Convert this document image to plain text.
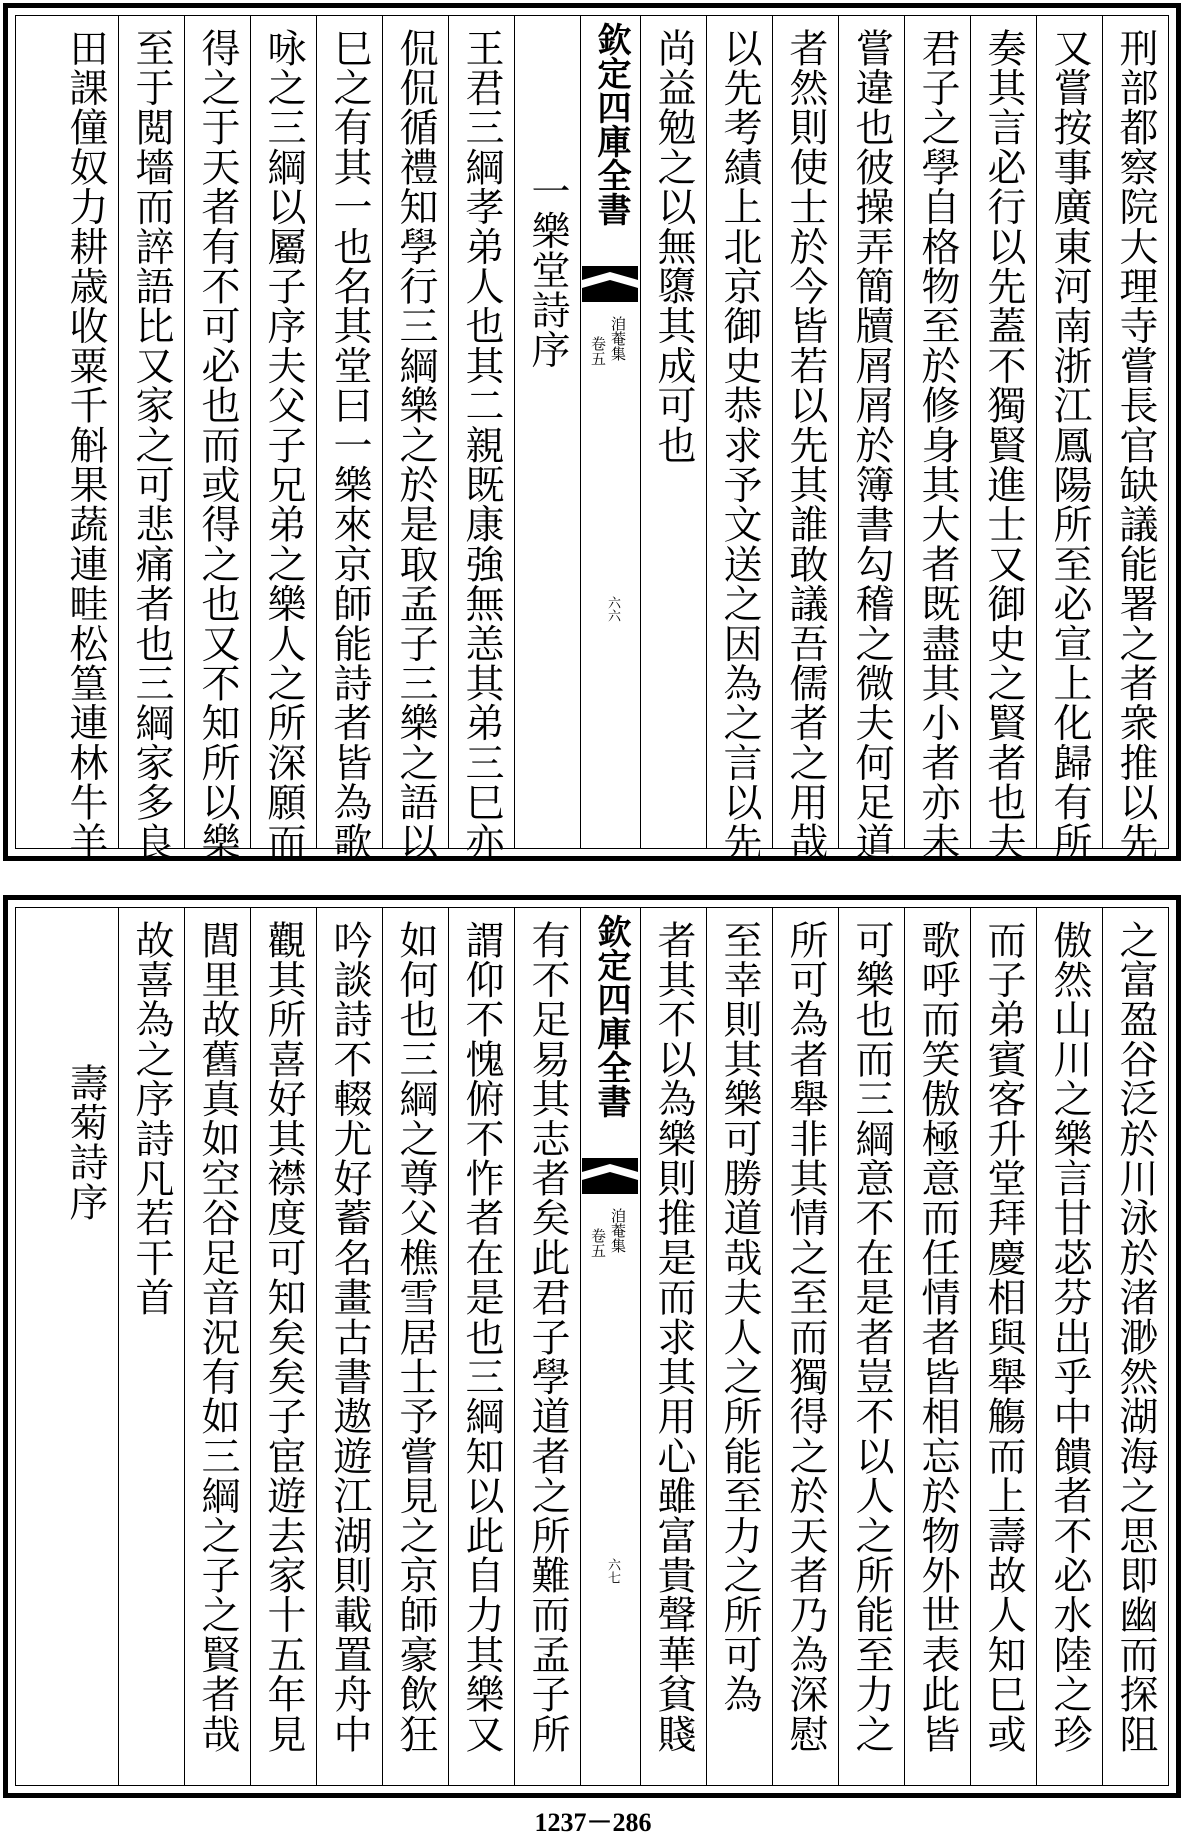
刑部都察院大理寺嘗長官缺議能署之者衆推以先
又嘗按事廣東河南浙江鳳陽所至必宣上化歸有所
奏其言必行以先蓋不獨賢進士又御史之賢者也夫
君子之學自格物至於修身其大者既盡其小者亦未
嘗違也彼操弄簡牘屑屑於簿書勾稽之微夫何足道
者然則使士於今皆若以先其誰敢議吾儒者之用哉
以先考績上北京御史恭求予文送之因為之言以先
尚益勉之以無隳其成可也
欽定四庫全書
洎菴集
卷五
六六
一樂堂詩序
王君三綱孝弟人也其二親既康強無恙其弟三巳亦
侃侃循禮知學行三綱樂之於是取孟子三樂之語以
巳之有其一也名其堂曰一樂來京師能詩者皆為歌
咏之三綱以屬子序夫父子兄弟之樂人之所深願而
得之于天者有不可必也而或得之也又不知所以樂
至于閲墻而誶語比又家之可悲痛者也三綱家多良
田課僮奴力耕歳收粟千斛果蔬連畦松篁連林牛羊
之富盈谷泛於川泳於渚渺然湖海之思即幽而探阻
傲然山川之樂言甘苾芬出乎中饋者不必水陸之珍
而子弟賓客升堂拜慶相與舉觴而上壽故人知巳或
歌呼而笑傲極意而任情者皆相忘於物外世表此皆
可樂也而三綱意不在是者豈不以人之所能至力之
所可為者舉非其情之至而獨得之於天者乃為深慰
至幸則其樂可勝道哉夫人之所能至力之所可為
者其不以為樂則推是而求其用心雖富貴聲華貧賤
欽定四庫全書
洎菴集
卷五
六七
有不足易其志者矣此君子學道者之所難而孟子所
謂仰不愧俯不怍者在是也三綱知以此自力其樂又
如何也三綱之尊父樵雪居士予嘗見之京師豪飲狂
吟談詩不輟尤好蓄名畫古書遨遊江湖則載置舟中
觀其所喜好其襟度可知矣矣子宦遊去家十五年見
閭里故舊真如空谷足音況有如三綱之子之賢者哉
故喜為之序詩凡若干首
壽菊詩序
1237－286
